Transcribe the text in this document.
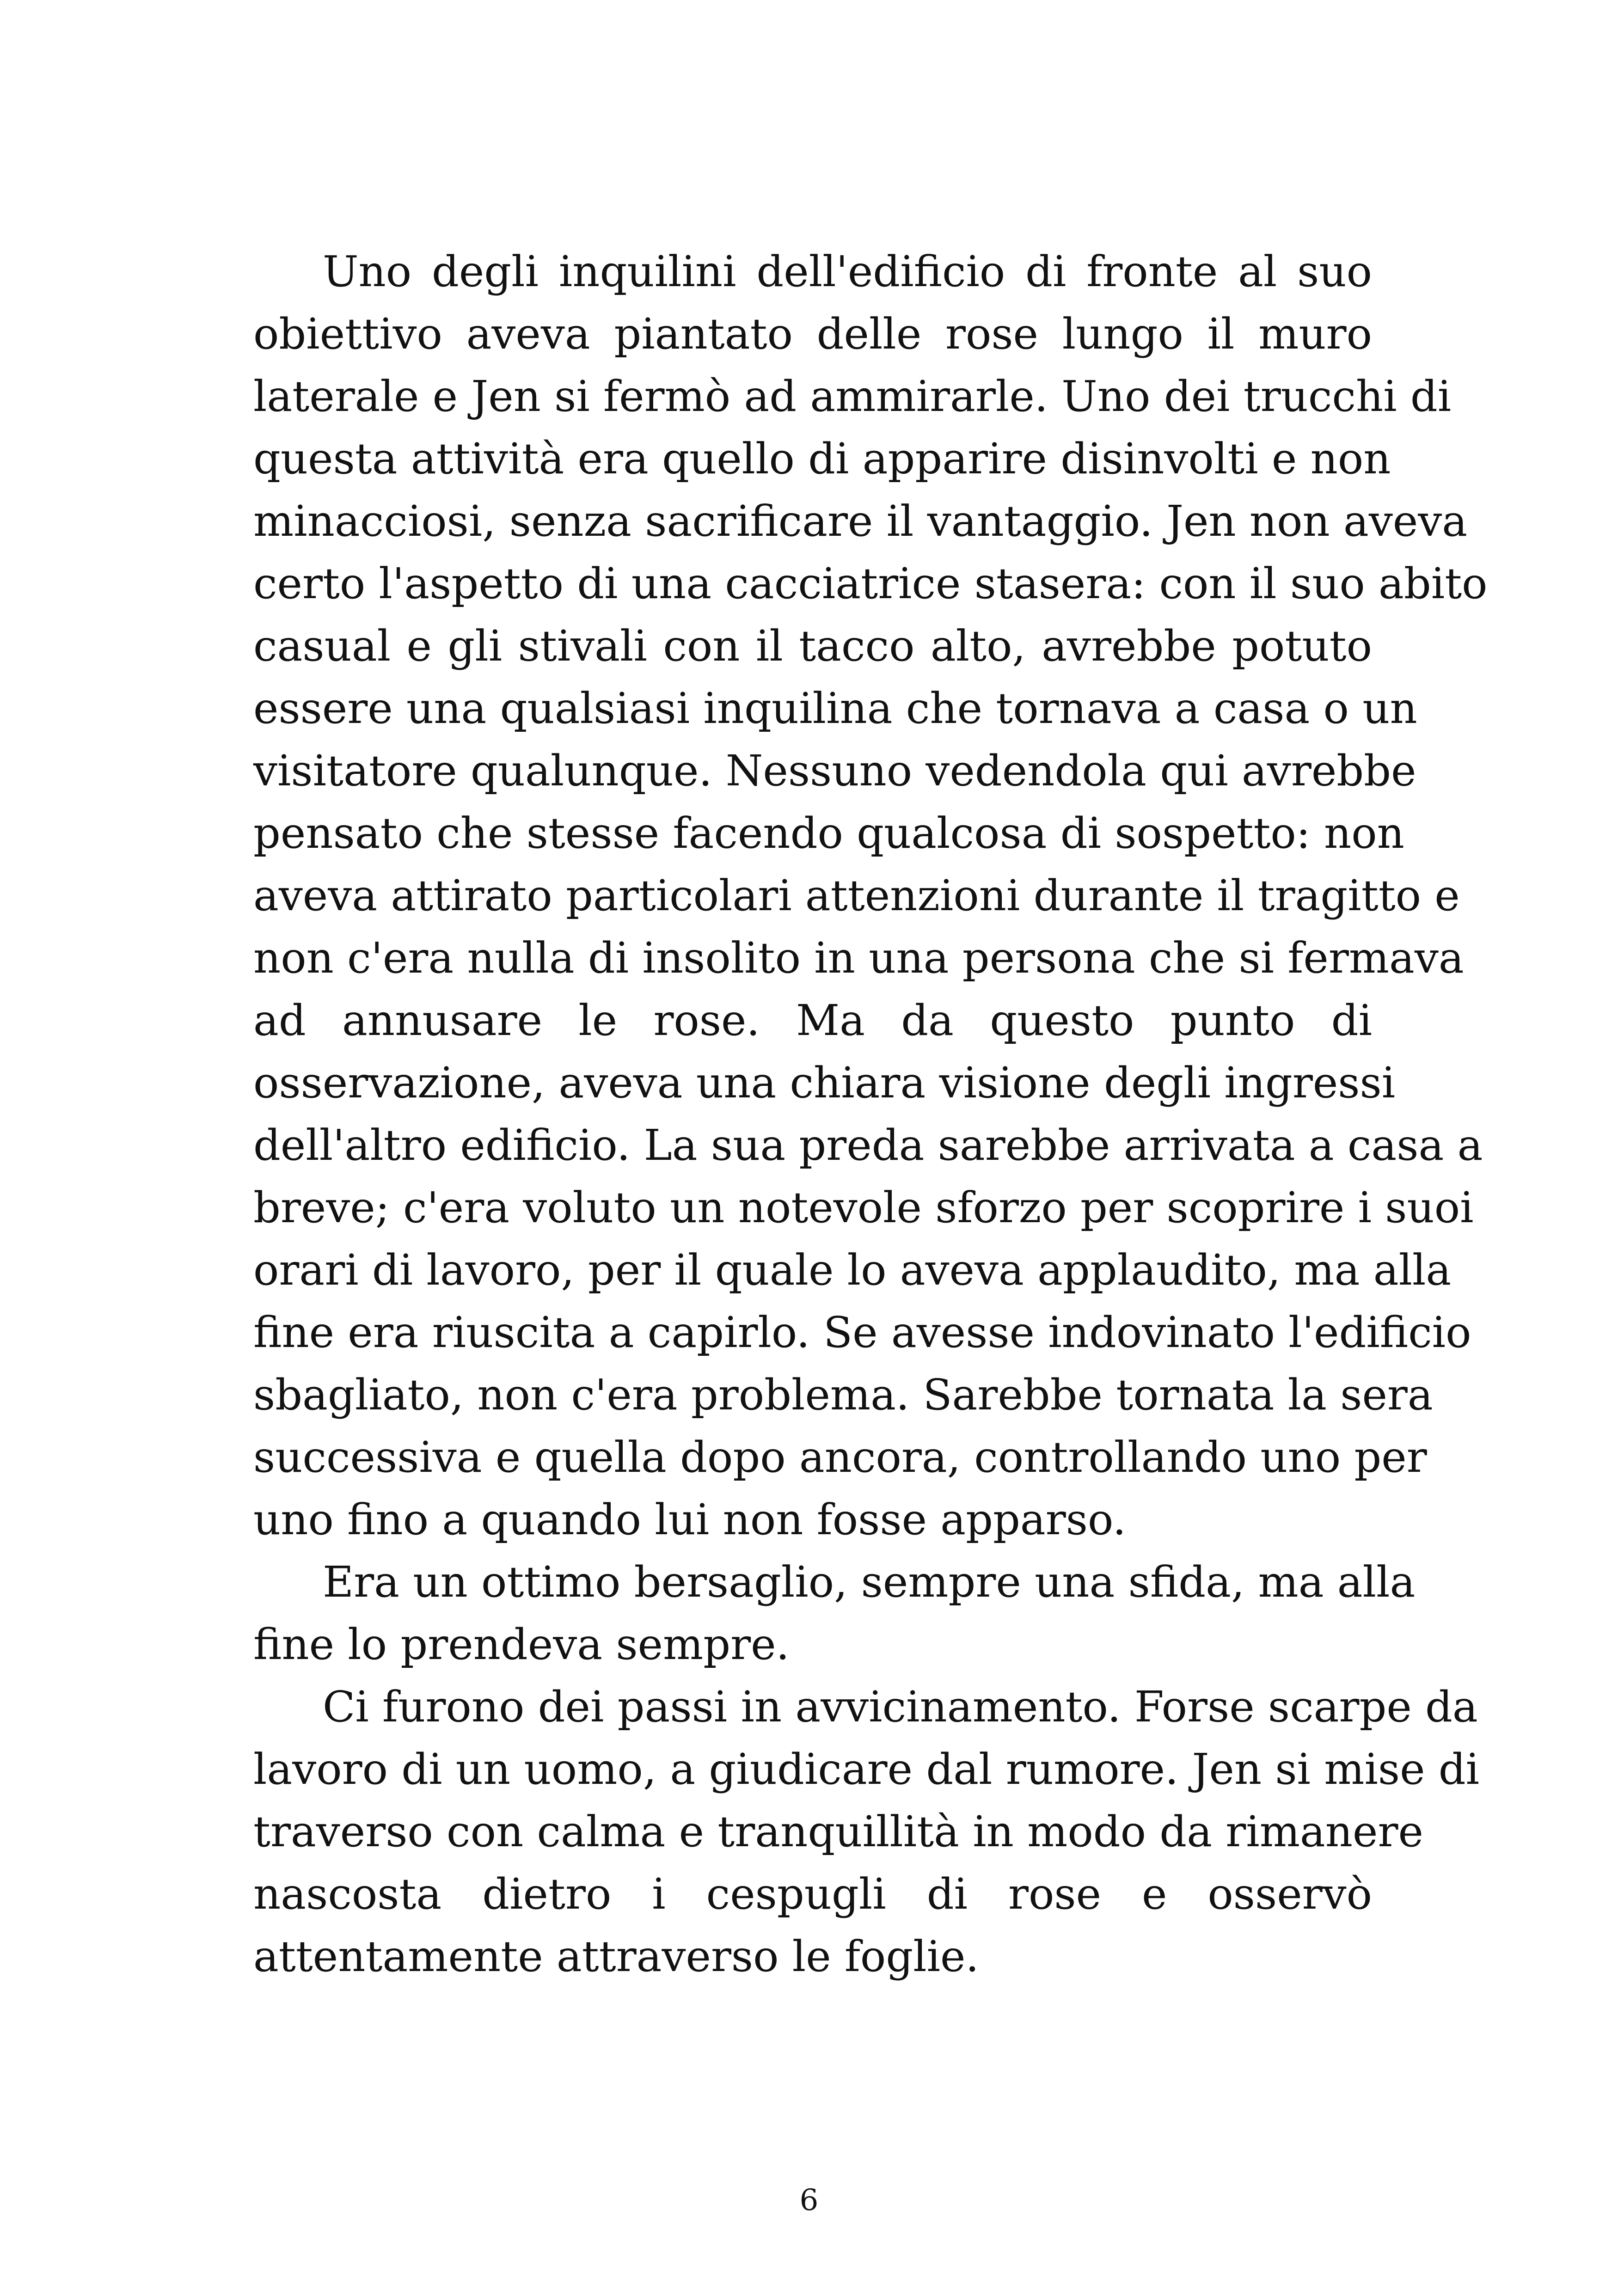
Uno degli inquilini dell'edificio di fronte al suo
obiettivo aveva piantato delle rose lungo il muro
laterale e Jen si fermò ad ammirarle. Uno dei trucchi di
questa attività era quello di apparire disinvolti e non
minacciosi, senza sacrificare il vantaggio. Jen non aveva
certo l'aspetto di una cacciatrice stasera: con il suo abito
casual e gli stivali con il tacco alto, avrebbe potuto
essere una qualsiasi inquilina che tornava a casa o un
visitatore qualunque. Nessuno vedendola qui avrebbe
pensato che stesse facendo qualcosa di sospetto: non
aveva attirato particolari attenzioni durante il tragitto e
non c'era nulla di insolito in una persona che si fermava
ad annusare le rose. Ma da questo punto di
osservazione, aveva una chiara visione degli ingressi
dell'altro edificio. La sua preda sarebbe arrivata a casa a
breve; c'era voluto un notevole sforzo per scoprire i suoi
orari di lavoro, per il quale lo aveva applaudito, ma alla
fine era riuscita a capirlo. Se avesse indovinato l'edificio
sbagliato, non c'era problema. Sarebbe tornata la sera
successiva e quella dopo ancora, controllando uno per
uno fino a quando lui non fosse apparso.
Era un ottimo bersaglio, sempre una sfida, ma alla
fine lo prendeva sempre.
Ci furono dei passi in avvicinamento. Forse scarpe da
lavoro di un uomo, a giudicare dal rumore. Jen si mise di
traverso con calma e tranquillità in modo da rimanere
nascosta dietro i cespugli di rose e osservò
attentamente attraverso le foglie.
6
